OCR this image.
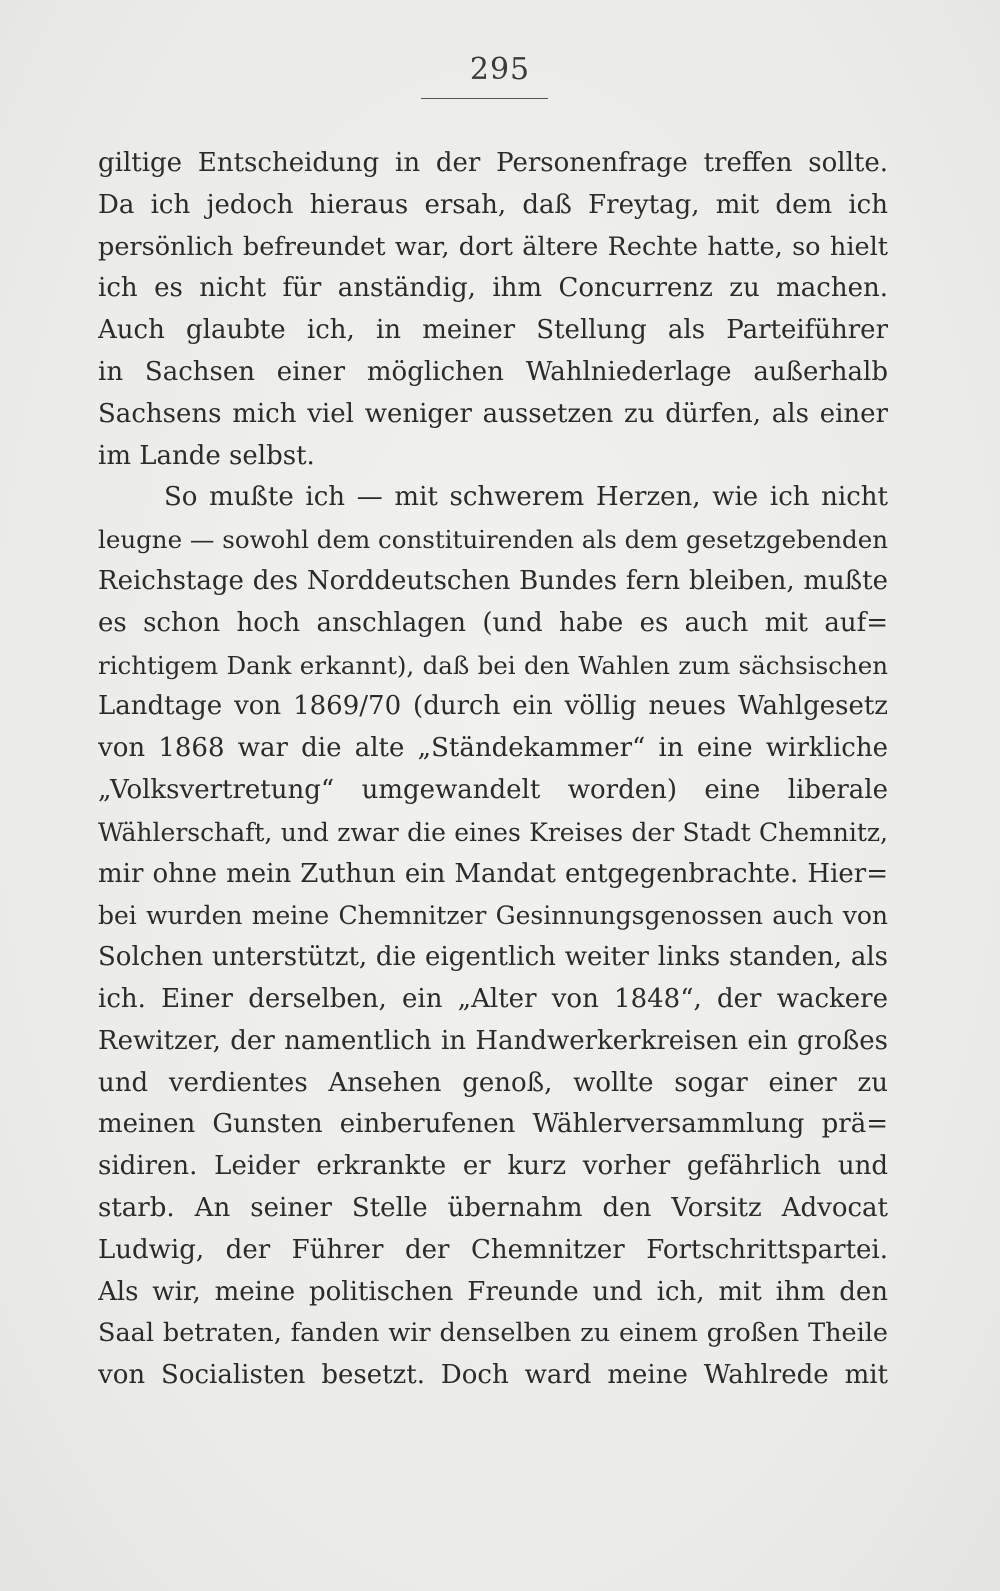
295
giltige Entscheidung in der Personenfrage treffen sollte.
Da ich jedoch hieraus ersah, daß Freytag, mit dem ich
persönlich befreundet war, dort ältere Rechte hatte, so hielt
ich es nicht für anständig, ihm Concurrenz zu machen.
Auch glaubte ich, in meiner Stellung als Parteiführer
in Sachsen einer möglichen Wahlniederlage außerhalb
Sachsens mich viel weniger aussetzen zu dürfen, als einer
im Lande selbst.
So mußte ich — mit schwerem Herzen, wie ich nicht
leugne — sowohl dem constituirenden als dem gesetzgebenden
Reichstage des Norddeutschen Bundes fern bleiben, mußte
es schon hoch anschlagen (und habe es auch mit auf=
richtigem Dank erkannt), daß bei den Wahlen zum sächsischen
Landtage von 1869/70 (durch ein völlig neues Wahlgesetz
von 1868 war die alte „Ständekammer“ in eine wirkliche
„Volksvertretung“ umgewandelt worden) eine liberale
Wählerschaft, und zwar die eines Kreises der Stadt Chemnitz,
mir ohne mein Zuthun ein Mandat entgegenbrachte. Hier=
bei wurden meine Chemnitzer Gesinnungsgenossen auch von
Solchen unterstützt, die eigentlich weiter links standen, als
ich. Einer derselben, ein „Alter von 1848“, der wackere
Rewitzer, der namentlich in Handwerkerkreisen ein großes
und verdientes Ansehen genoß, wollte sogar einer zu
meinen Gunsten einberufenen Wählerversammlung prä=
sidiren. Leider erkrankte er kurz vorher gefährlich und
starb. An seiner Stelle übernahm den Vorsitz Advocat
Ludwig, der Führer der Chemnitzer Fortschrittspartei.
Als wir, meine politischen Freunde und ich, mit ihm den
Saal betraten, fanden wir denselben zu einem großen Theile
von Socialisten besetzt. Doch ward meine Wahlrede mit
